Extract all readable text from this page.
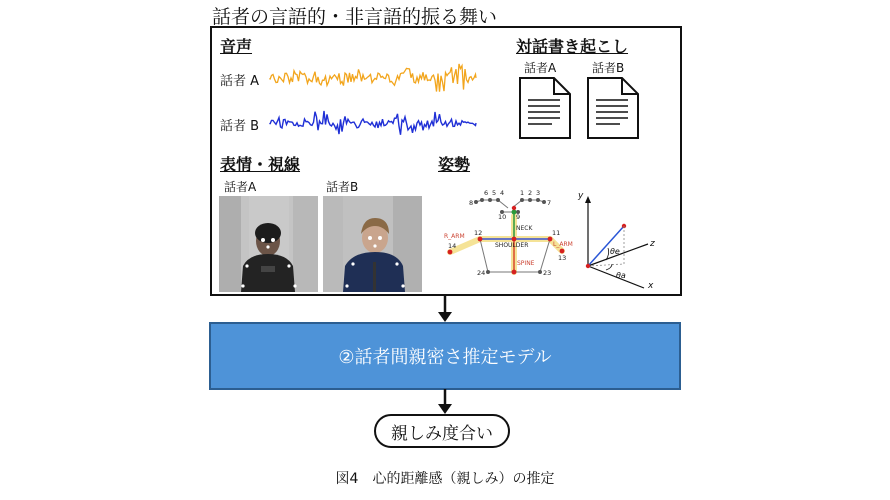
話者の言語的・非言語的振る舞い
音声
話者 A
話者 B
対話書き起こし
話者A	話者B
表情・視線
話者A	話者B
姿勢
6 5 4 1 2 3
8	7
10 9
NECK
12	11
R_ARM
L_ARM
14
13
SHOULDER
SPINE
24	23
y
z
x
θe
θa
②話者間親密さ推定モデル
親しみ度合い
図4　心的距離感（親しみ）の推定
